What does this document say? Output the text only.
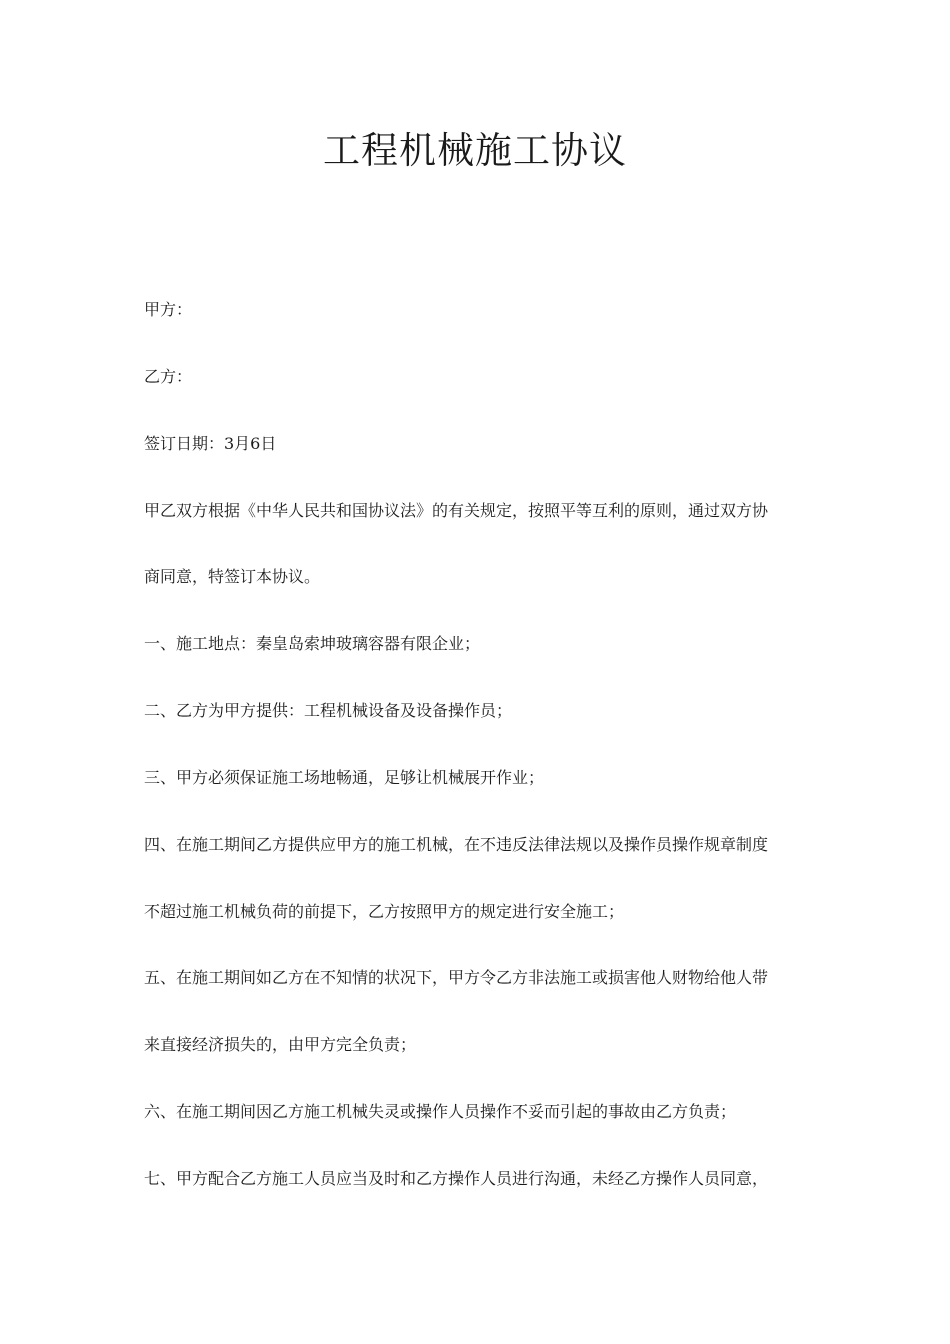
工程机械施工协议
甲方：
乙方：
签订日期：3月6日
甲乙双方根据《中华人民共和国协议法》的有关规定，按照平等互利的原则，通过双方协
商同意，特签订本协议。
一、施工地点：秦皇岛索坤玻璃容器有限企业；
二、乙方为甲方提供：工程机械设备及设备操作员；
三、甲方必须保证施工场地畅通，足够让机械展开作业；
四、在施工期间乙方提供应甲方的施工机械，在不违反法律法规以及操作员操作规章制度
不超过施工机械负荷的前提下，乙方按照甲方的规定进行安全施工；
五、在施工期间如乙方在不知情的状况下，甲方令乙方非法施工或损害他人财物给他人带
来直接经济损失的，由甲方完全负责；
六、在施工期间因乙方施工机械失灵或操作人员操作不妥而引起的事故由乙方负责；
七、甲方配合乙方施工人员应当及时和乙方操作人员进行沟通，未经乙方操作人员同意，
